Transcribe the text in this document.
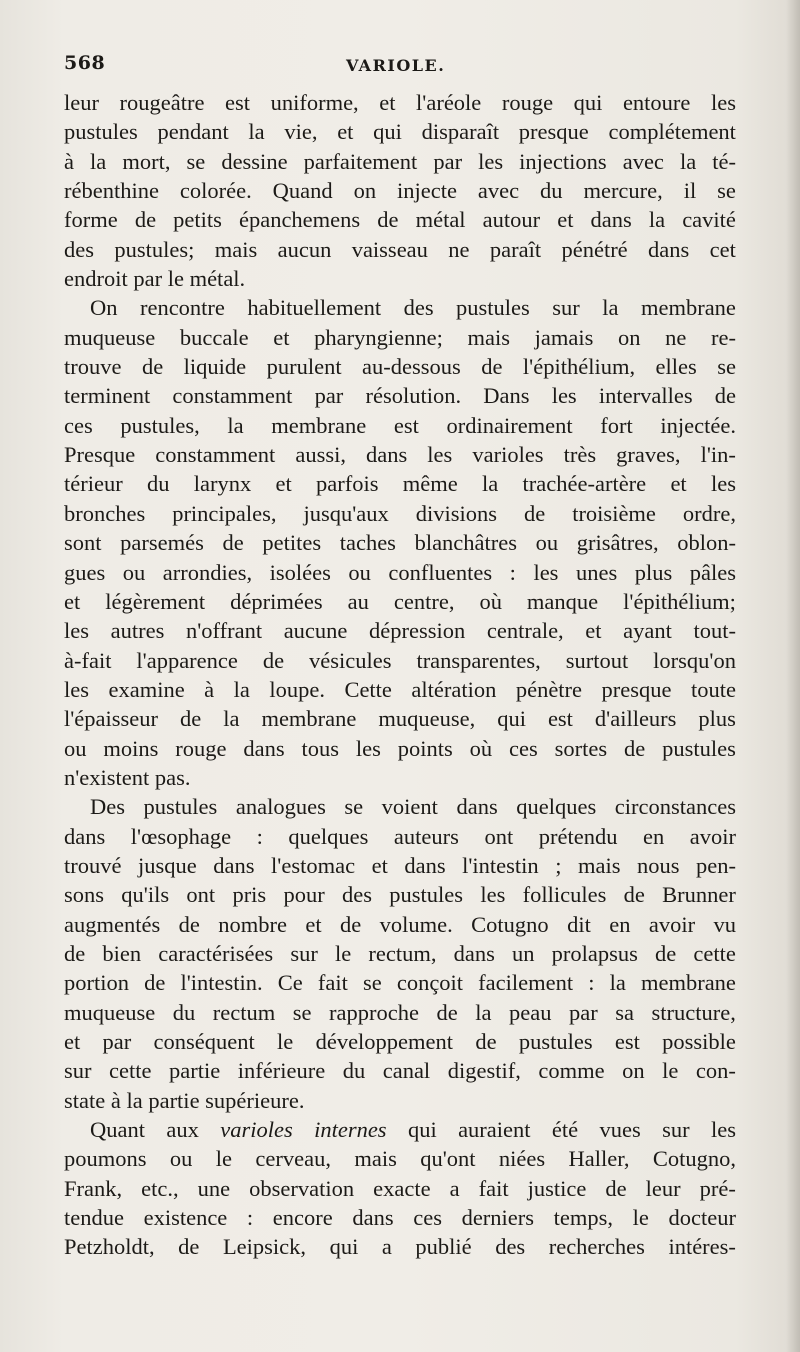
568	VARIOLE.
leur rougeâtre est uniforme, et l'aréole rouge qui entoure les
pustules pendant la vie, et qui disparaît presque complétement
à la mort, se dessine parfaitement par les injections avec la té-
rébenthine colorée. Quand on injecte avec du mercure, il se
forme de petits épanchemens de métal autour et dans la cavité
des pustules; mais aucun vaisseau ne paraît pénétré dans cet
endroit par le métal.
On rencontre habituellement des pustules sur la membrane
muqueuse buccale et pharyngienne; mais jamais on ne re-
trouve de liquide purulent au-dessous de l'épithélium, elles se
terminent constamment par résolution. Dans les intervalles de
ces pustules, la membrane est ordinairement fort injectée.
Presque constamment aussi, dans les varioles très graves, l'in-
térieur du larynx et parfois même la trachée-artère et les
bronches principales, jusqu'aux divisions de troisième ordre,
sont parsemés de petites taches blanchâtres ou grisâtres, oblon-
gues ou arrondies, isolées ou confluentes : les unes plus pâles
et légèrement déprimées au centre, où manque l'épithélium;
les autres n'offrant aucune dépression centrale, et ayant tout-
à-fait l'apparence de vésicules transparentes, surtout lorsqu'on
les examine à la loupe. Cette altération pénètre presque toute
l'épaisseur de la membrane muqueuse, qui est d'ailleurs plus
ou moins rouge dans tous les points où ces sortes de pustules
n'existent pas.
Des pustules analogues se voient dans quelques circonstances
dans l'œsophage : quelques auteurs ont prétendu en avoir
trouvé jusque dans l'estomac et dans l'intestin ; mais nous pen-
sons qu'ils ont pris pour des pustules les follicules de Brunner
augmentés de nombre et de volume. Cotugno dit en avoir vu
de bien caractérisées sur le rectum, dans un prolapsus de cette
portion de l'intestin. Ce fait se conçoit facilement : la membrane
muqueuse du rectum se rapproche de la peau par sa structure,
et par conséquent le développement de pustules est possible
sur cette partie inférieure du canal digestif, comme on le con-
state à la partie supérieure.
Quant aux varioles internes qui auraient été vues sur les
poumons ou le cerveau, mais qu'ont niées Haller, Cotugno,
Frank, etc., une observation exacte a fait justice de leur pré-
tendue existence : encore dans ces derniers temps, le docteur
Petzholdt, de Leipsick, qui a publié des recherches intéres-
